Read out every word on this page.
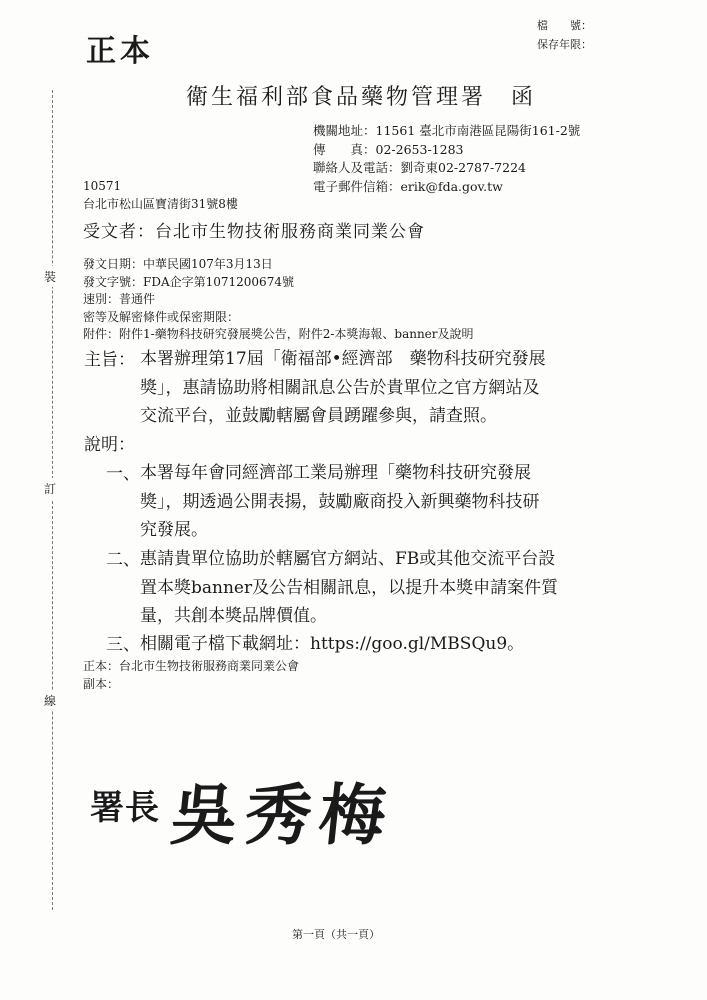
正本
檔　　號：
保存年限：
衛生福利部食品藥物管理署　函
機關地址：11561 臺北市南港區昆陽街161-2號
傳　　真：02-2653-1283
聯絡人及電話：劉奇東02-2787-7224
電子郵件信箱：erik@fda.gov.tw
10571
台北市松山區寶清街31號8樓
受文者：台北市生物技術服務商業同業公會
發文日期：中華民國107年3月13日
發文字號：FDA企字第1071200674號
速別：普通件
密等及解密條件或保密期限：
附件：附件1-藥物科技研究發展獎公告，附件2-本獎海報、banner及說明
主旨： 本署辦理第17屆「衛福部•經濟部　藥物科技研究發展
獎」，惠請協助將相關訊息公告於貴單位之官方網站及
交流平台，並鼓勵轄屬會員踴躍參與，請查照。
說明：
一、 本署每年會同經濟部工業局辦理「藥物科技研究發展
獎」，期透過公開表揚，鼓勵廠商投入新興藥物科技研
究發展。
二、 惠請貴單位協助於轄屬官方網站、FB或其他交流平台設
置本獎banner及公告相關訊息，以提升本獎申請案件質
量，共創本獎品牌價值。
三、 相關電子檔下載網址：https://goo.gl/MBSQu9。
正本：台北市生物技術服務商業同業公會
副本：
署長 吳秀梅
第一頁（共一頁）
裝
訂
線
